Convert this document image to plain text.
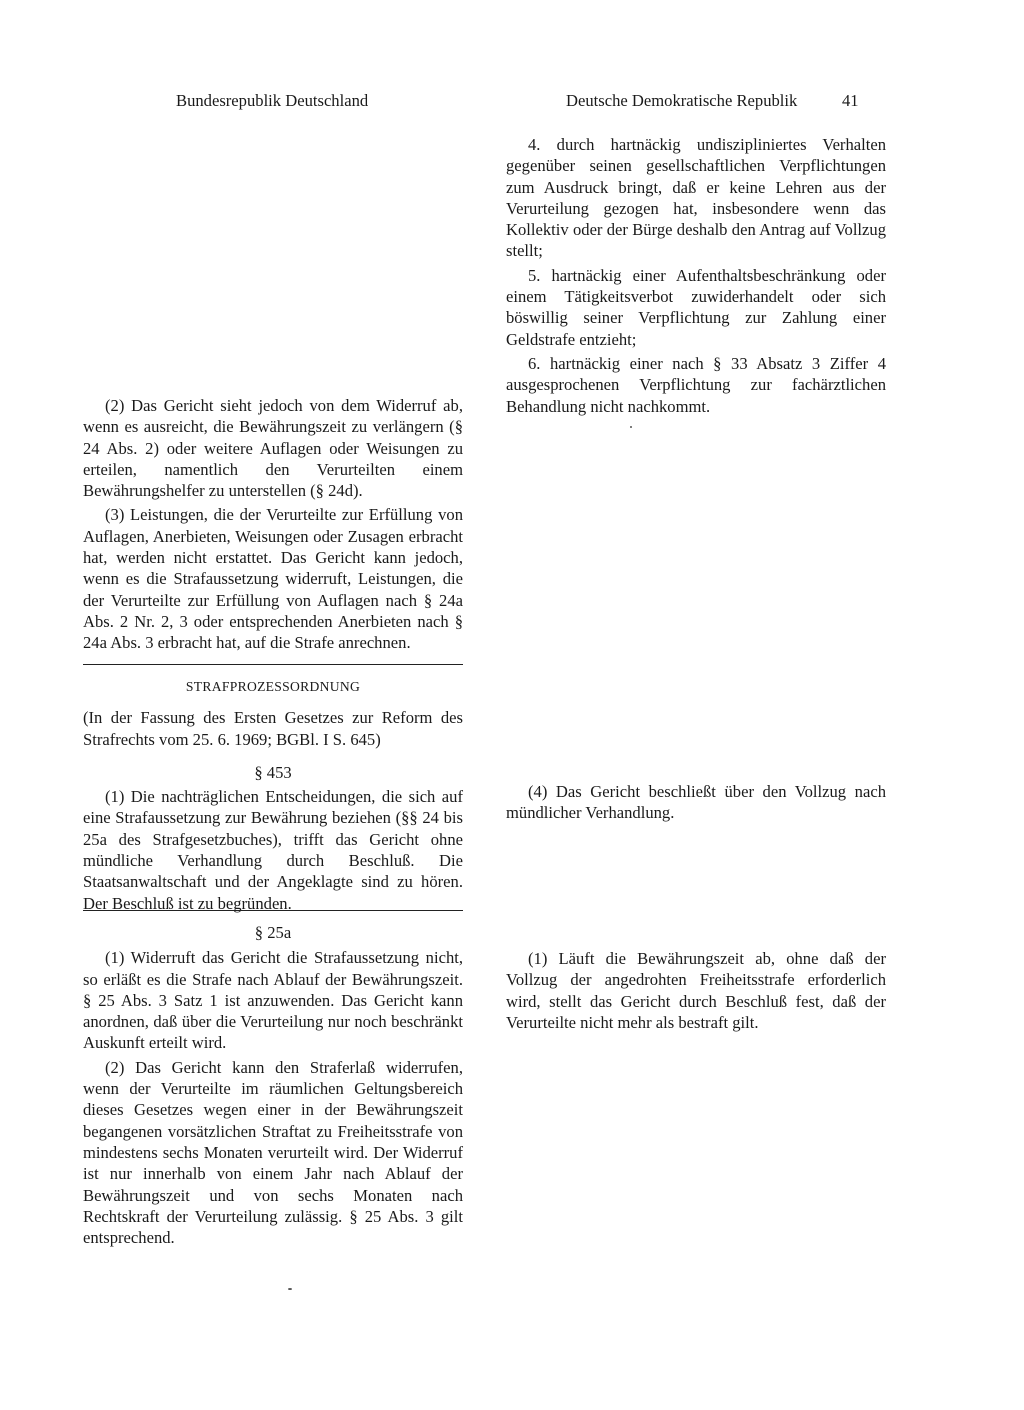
Bundesrepublik Deutschland	Deutsche Demokratische Republik	41

(2) Das Gericht sieht jedoch von dem Widerruf ab, wenn es ausreicht, die Bewährungszeit zu verlängern (§ 24 Abs. 2) oder weitere Auflagen oder Weisungen zu erteilen, namentlich den Verurteilten einem Bewährungshelfer zu unterstellen (§ 24d).

(3) Leistungen, die der Verurteilte zur Erfüllung von Auflagen, Anerbieten, Weisungen oder Zusagen erbracht hat, werden nicht erstattet. Das Gericht kann jedoch, wenn es die Strafaussetzung widerruft, Leistungen, die der Verurteilte zur Erfüllung von Auflagen nach § 24a Abs. 2 Nr. 2, 3 oder entsprechenden Anerbieten nach § 24a Abs. 3 erbracht hat, auf die Strafe anrechnen.

STRAFPROZESSORDNUNG

(In der Fassung des Ersten Gesetzes zur Reform des Strafrechts vom 25. 6. 1969; BGBl. I S. 645)

§ 453

(1) Die nachträglichen Entscheidungen, die sich auf eine Strafaussetzung zur Bewährung beziehen (§§ 24 bis 25a des Strafgesetzbuches), trifft das Gericht ohne mündliche Verhandlung durch Beschluß. Die Staatsanwaltschaft und der Angeklagte sind zu hören. Der Beschluß ist zu begründen.

§ 25a

(1) Widerruft das Gericht die Strafaussetzung nicht, so erläßt es die Strafe nach Ablauf der Bewährungszeit. § 25 Abs. 3 Satz 1 ist anzuwenden. Das Gericht kann anordnen, daß über die Verurteilung nur noch beschränkt Auskunft erteilt wird.

(2) Das Gericht kann den Straferlaß widerrufen, wenn der Verurteilte im räumlichen Geltungsbereich dieses Gesetzes wegen einer in der Bewährungszeit begangenen vorsätzlichen Straftat zu Freiheitsstrafe von mindestens sechs Monaten verurteilt wird. Der Widerruf ist nur innerhalb von einem Jahr nach Ablauf der Bewährungszeit und von sechs Monaten nach Rechtskraft der Verurteilung zulässig. § 25 Abs. 3 gilt entsprechend.

4. durch hartnäckig undiszipliniertes Verhalten gegenüber seinen gesellschaftlichen Verpflichtungen zum Ausdruck bringt, daß er keine Lehren aus der Verurteilung gezogen hat, insbesondere wenn das Kollektiv oder der Bürge deshalb den Antrag auf Vollzug stellt;

5. hartnäckig einer Aufenthaltsbeschränkung oder einem Tätigkeitsverbot zuwiderhandelt oder sich böswillig seiner Verpflichtung zur Zahlung einer Geldstrafe entzieht;

6. hartnäckig einer nach § 33 Absatz 3 Ziffer 4 ausgesprochenen Verpflichtung zur fachärztlichen Behandlung nicht nachkommt.

(4) Das Gericht beschließt über den Vollzug nach mündlicher Verhandlung.

(1) Läuft die Bewährungszeit ab, ohne daß der Vollzug der angedrohten Freiheitsstrafe erforderlich wird, stellt das Gericht durch Beschluß fest, daß der Verurteilte nicht mehr als bestraft gilt.
